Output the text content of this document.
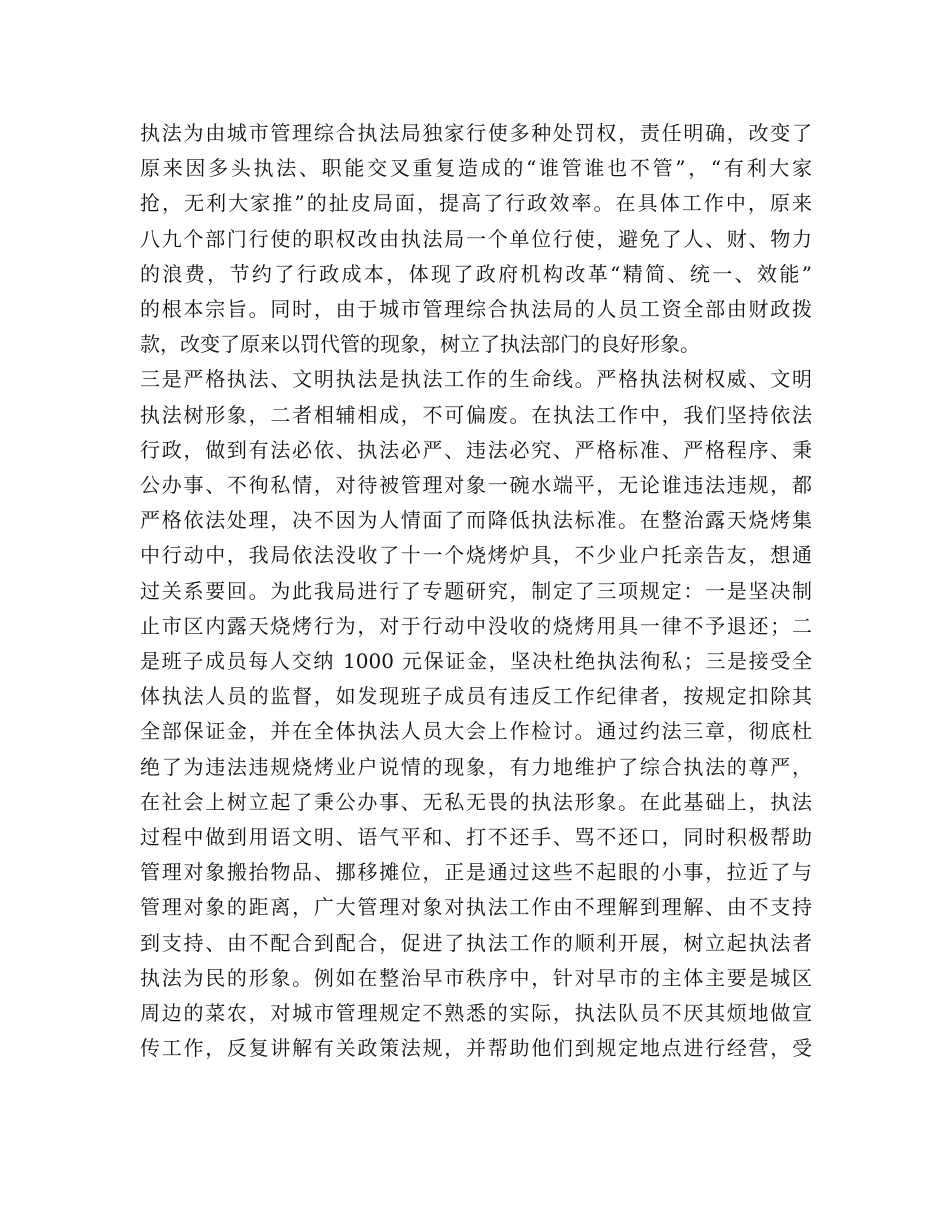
执法为由城市管理综合执法局独家行使多种处罚权，责任明确，改变了
原来因多头执法、职能交叉重复造成的“谁管谁也不管”，“有利大家
抢，无利大家推”的扯皮局面，提高了行政效率。在具体工作中，原来
八九个部门行使的职权改由执法局一个单位行使，避免了人、财、物力
的浪费，节约了行政成本，体现了政府机构改革“精简、统一、效能”
的根本宗旨。同时，由于城市管理综合执法局的人员工资全部由财政拨
款，改变了原来以罚代管的现象，树立了执法部门的良好形象。
三是严格执法、文明执法是执法工作的生命线。严格执法树权威、文明
执法树形象，二者相辅相成，不可偏废。在执法工作中，我们坚持依法
行政，做到有法必依、执法必严、违法必究、严格标准、严格程序、秉
公办事、不徇私情，对待被管理对象一碗水端平，无论谁违法违规，都
严格依法处理，决不因为人情面了而降低执法标准。在整治露天烧烤集
中行动中，我局依法没收了十一个烧烤炉具，不少业户托亲告友，想通
过关系要回。为此我局进行了专题研究，制定了三项规定：一是坚决制
止市区内露天烧烤行为，对于行动中没收的烧烤用具一律不予退还；二
是班子成员每人交纳 1000 元保证金，坚决杜绝执法徇私；三是接受全
体执法人员的监督，如发现班子成员有违反工作纪律者，按规定扣除其
全部保证金，并在全体执法人员大会上作检讨。通过约法三章，彻底杜
绝了为违法违规烧烤业户说情的现象，有力地维护了综合执法的尊严，
在社会上树立起了秉公办事、无私无畏的执法形象。在此基础上，执法
过程中做到用语文明、语气平和、打不还手、骂不还口，同时积极帮助
管理对象搬抬物品、挪移摊位，正是通过这些不起眼的小事，拉近了与
管理对象的距离，广大管理对象对执法工作由不理解到理解、由不支持
到支持、由不配合到配合，促进了执法工作的顺利开展，树立起执法者
执法为民的形象。例如在整治早市秩序中，针对早市的主体主要是城区
周边的菜农，对城市管理规定不熟悉的实际，执法队员不厌其烦地做宣
传工作，反复讲解有关政策法规，并帮助他们到规定地点进行经营，受
